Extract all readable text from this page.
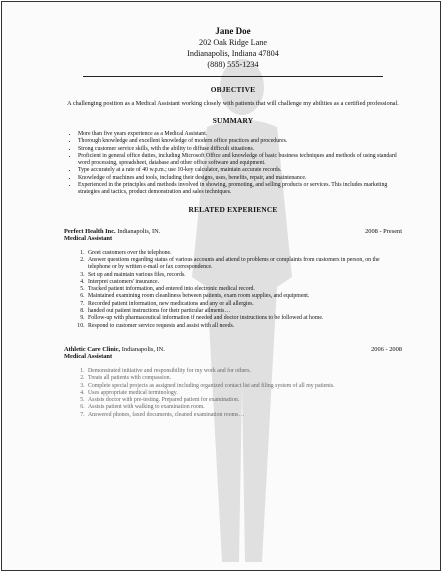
Jane Doe
202 Oak Ridge Lane
Indianapolis, Indiana 47804
(888) 555-1234
OBJECTIVE

A challenging position as a Medical Assistant working closely with patients that will challenge my abilities as a certified professional.

SUMMARY
• More than five years experience as a Medical Assistant.
• Thorough knowledge and excellent knowledge of modern office practices and procedures.
• Strong customer service skills, with the ability to diffuse difficult situations.
• Proficient in general office duties, including Microsoft Office and knowledge of basic business techniques and methods of using standard word processing, spreadsheet, database and other office software and equipment.
• Type accurately at a rate of 40 w.p.m.; use 10-key calculator, maintain accurate records.
• Knowledge of machines and tools, including their designs, uses, benefits, repair, and maintenance.
• Experienced in the principles and methods involved in showing, promoting, and selling products or services. This includes marketing strategies and tactics, product demonstration and sales techniques.
RELATED EXPERIENCE
Perfect Health Inc. Indianapolis, IN.	2008 - Present
Medical Assistant
1. Greet customers over the telephone.
2. Answer questions regarding status of various accounts and attend to problems or complaints from customers in person, on the telephone or by written e-mail or fax correspondence.
3. Set up and maintain various files, records.
4. Interpret customers' insurance.
5. Tracked patient information, and entered into electronic medical record.
6. Maintained examining room cleanliness between patients, exam room supplies, and equipment.
7. Recorded patient information, new medications and any or all allergies.
8. handed out patient instructions for their particular ailments…
9. Follow-up with pharmaceutical information if needed and doctor instructions to be followed at home.
10. Respond to customer service requests and assist with all needs.
Athletic Care Clinic, Indianapolis, IN.	2006 - 2008
Medical Assistant
1. Demonstrated initiative and responsibility for my work and for others.
2. Treats all patients with compassion.
3. Complete special projects as assigned including organized contact list and filing system of all my patients.
4. Uses appropriate medical terminology.
5. Assists doctor with pre-testing. Prepared patient for examination.
6. Assists patient with walking to examination room.
7. Answered phones, faxed documents, cleaned examination rooms…
